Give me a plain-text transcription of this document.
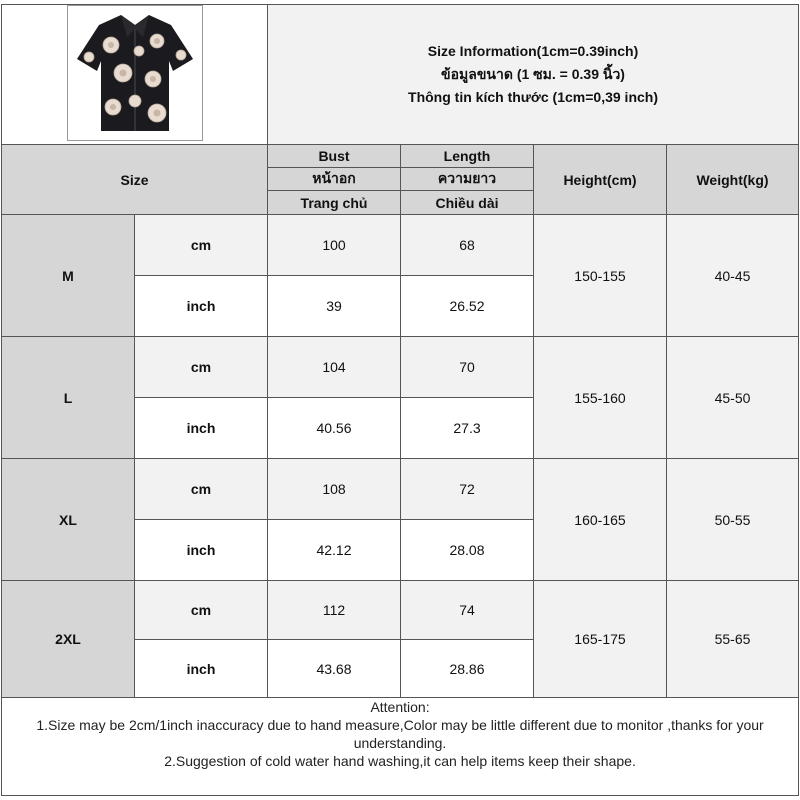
Size Information(1cm=0.39inch)
ข้อมูลขนาด (1 ซม. = 0.39 นิ้ว)
Thông tin kích thước (1cm=0,39 inch)			

Size		Bust	Length	Height(cm)	Weight(kg)
		หน้าอก	ความยาว		
		Trang chủ	Chiều dài		
M	cm	100	68	150-155	40-45
	inch	39	26.52		
L	cm	104	70	155-160	45-50
	inch	40.56	27.3		
XL	cm	108	72	160-165	50-55
	inch	42.12	28.08		
2XL	cm	112	74	165-175	55-65
	inch	43.68	28.86		

Attention:
1.Size may be 2cm/1inch inaccuracy due to hand measure,Color may be little different due to monitor ,thanks for your understanding.
2.Suggestion of cold water hand washing,it can help items keep their shape.					
